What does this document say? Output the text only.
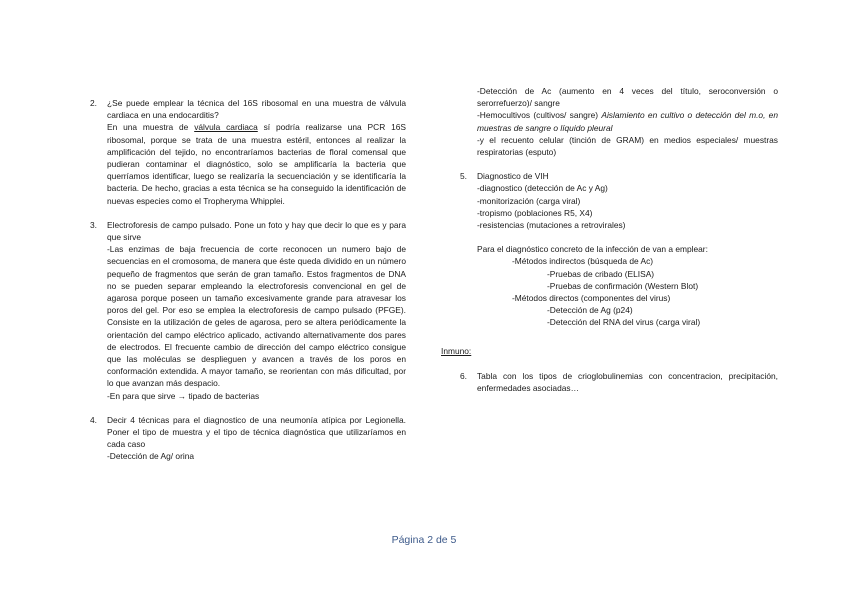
2. ¿Se puede emplear la técnica del 16S ribosomal en una muestra de válvula cardiaca en una endocarditis?
En una muestra de válvula cardiaca sí podría realizarse una PCR 16S ribosomal, porque se trata de una muestra estéril, entonces al realizar la amplificación del tejido, no encontraríamos bacterias de floral comensal que pudieran contaminar el diagnóstico, solo se amplificaría la bacteria que querríamos identificar, luego se realizaría la secuenciación y se identificaría la bacteria. De hecho, gracias a esta técnica se ha conseguido la identificación de nuevas especies como el Tropheryma Whipplei.
3. Electroforesis de campo pulsado. Pone un foto y hay que decir lo que es y para que sirve
-Las enzimas de baja frecuencia de corte reconocen un numero bajo de secuencias en el cromosoma, de manera que éste queda dividido en un número pequeño de fragmentos que serán de gran tamaño. Estos fragmentos de DNA no se pueden separar empleando la electroforesis convencional en gel de agarosa porque poseen un tamaño excesivamente grande para atravesar los poros del gel. Por eso se emplea la electroforesis de campo pulsado (PFGE). Consiste en la utilización de geles de agarosa, pero se altera periódicamente la orientación del campo eléctrico aplicado, activando alternativamente dos pares de electrodos. El frecuente cambio de dirección del campo eléctrico consigue que las moléculas se desplieguen y avancen a través de los poros en conformación extendida. A mayor tamaño, se reorientan con más dificultad, por lo que avanzan más despacio.
-En para que sirve → tipado de bacterias
4. Decir 4 técnicas para el diagnostico de una neumonía atípica por Legionella. Poner el tipo de muestra y el tipo de técnica diagnóstica que utilizaríamos en cada caso
-Detección de Ag/ orina
-Detección de Ac (aumento en 4 veces del título, seroconversión o serorrefuerzo)/ sangre
-Hemocultivos (cultivos/ sangre) Aislamiento en cultivo o detección del m.o, en muestras de sangre o líquido pleural
-y el recuento celular (tinción de GRAM) en medios especiales/ muestras respiratorias (esputo)
5. Diagnostico de VIH
-diagnostico (detección de Ac y Ag)
-monitorización (carga viral)
-tropismo (poblaciones R5, X4)
-resistencias (mutaciones a retrovirales)
Para el diagnóstico concreto de la infección de van a emplear:
-Métodos indirectos (búsqueda de Ac)
-Pruebas de cribado (ELISA)
-Pruebas de confirmación (Western Blot)
-Métodos directos (componentes del virus)
-Detección de Ag (p24)
-Detección del RNA del virus (carga viral)
Inmuno:
6. Tabla con los tipos de crioglobulinemias con concentracion, precipitación, enfermedades asociadas…
Página 2 de 5
